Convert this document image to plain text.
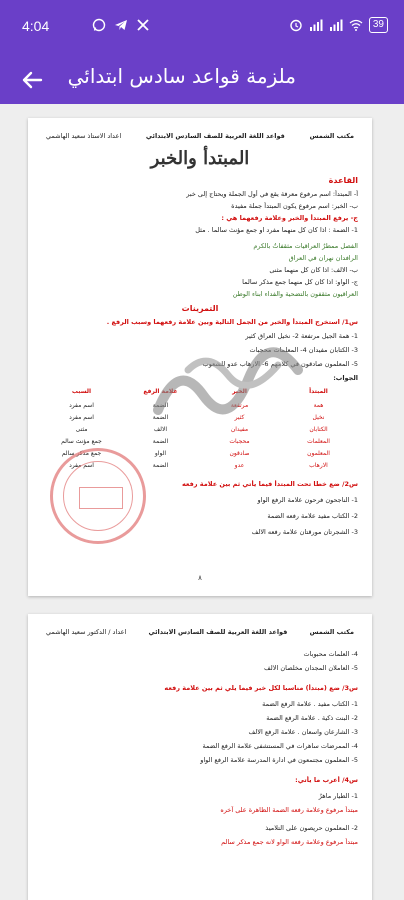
4:04	39
ملزمة قواعد سادس ابتدائي
مكتب الشمس
قواعد اللغة العربية للصف السادس الابتدائي
اعداد الاستاذ سعيد الهاشمي
المبتدأ والخبر
القاعدة
أ- المبتدأ: اسم مرفوع معرفة يقع في أول الجملة ويحتاج إلى خبر
ب- الخبر: اسم مرفوع يكون المبتدأ جملة مفيدة
ج- يرفع المبتدأ والخبر وعلامة رفعهما هي :
1- الضمة : اذا كان كل منهما مفرد او جمع مؤنث سالما . مثل
الفصل ممطرٌ العراقيات مثقفاتٌ بالكرم
الرافدان نهران في العراق
ب- الالف: اذا كان كل منهما مثنى
ج- الواو: اذا كان كل منهما جمع مذكر سالما
العراقيون مثقفون بالتضحية والفداء ابناء الوطن
التمرينات
س1/ استخرج المبتدأ والخبر من الجمل التالية وبين علامة رفعهما وسبب الرفع .
1- همة الجيل مرتفعة 2- نخيل العراق كثير
3- الكتابان مفيدان 4- المعلمات محجبات
5- المعلمون صادقون في كلامهم 6- الارهاب عدو للشعوب
الجواب:
المبتدأ
الخبر
علامة الرفع
السبب
همة
مرتفعة
الضمة
اسم مفرد
نخيل
كثير
الضمة
اسم مفرد
الكتابان
مفيدان
الالف
مثنى
المعلمات
محجبات
الضمة
جمع مؤنث سالم
المعلمون
صادقون
الواو
جمع مذكر سالم
الارهاب
عدو
الضمة
اسم مفرد
س2/ ضع خطا تحت المبتدأ فيما يأتي ثم بين علامة رفعه
1- الناجحون فرحون علامة الرفع الواو
2- الكتاب مفيد علامة رفعه الضمة
3- الشجرتان مورقتان علامة رفعه الالف
٨
مكتب الشمس
قواعد اللغة العربية للصف السادس الابتدائي
اعداد / الدكتور سعيد الهاشمي
4- العلمات محبوبات
5- العاملان المجدان مخلصان الالف
س3/ ضع (مبتدأ) مناسبا لكل خبر فيما يلي ثم بين علامة رفعه
1- الكتاب مفيد . علامة الرفع الضمة
2- البنت ذكية . علامة الرفع الضمة
3- الشارعان واسعان . علامة الرفع الالف
4- الممرضات ساهرات في المستشفى علامة الرفع الضمة
5- المعلمون مجتمعون في ادارة المدرسة علامة الرفع الواو
س4/ أعرب ما يأتي:
1- الطيار ماهرٌ
مبتدأ مرفوع وعلامة رفعه الضمة الظاهرة على آخره
2- المعلمون حريصون على التلاميذ
مبتدأ مرفوع وعلامة رفعه الواو لانه جمع مذكر سالم
